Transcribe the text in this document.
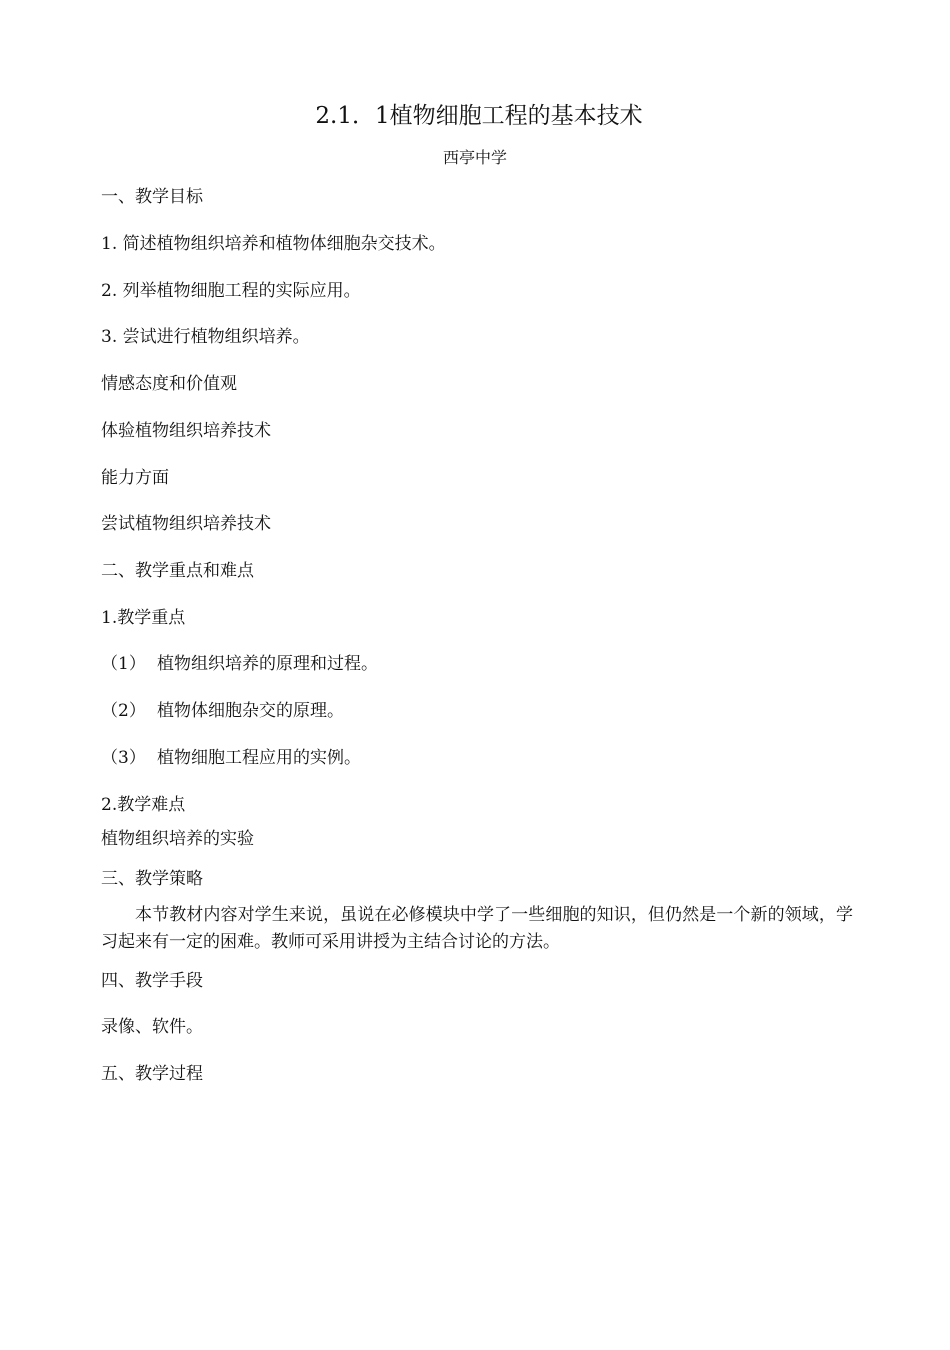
2.1．1植物细胞工程的基本技术
西亭中学
一、教学目标
1. 简述植物组织培养和植物体细胞杂交技术。
2. 列举植物细胞工程的实际应用。
3. 尝试进行植物组织培养。
情感态度和价值观
体验植物组织培养技术
能力方面
尝试植物组织培养技术
二、教学重点和难点
1.教学重点
（1） 植物组织培养的原理和过程。
（2） 植物体细胞杂交的原理。
（3） 植物细胞工程应用的实例。
2.教学难点
植物组织培养的实验
三、教学策略
本节教材内容对学生来说，虽说在必修模块中学了一些细胞的知识，但仍然是一个新的领域，学习起来有一定的困难。教师可采用讲授为主结合讨论的方法。
四、教学手段
录像、软件。
五、教学过程
